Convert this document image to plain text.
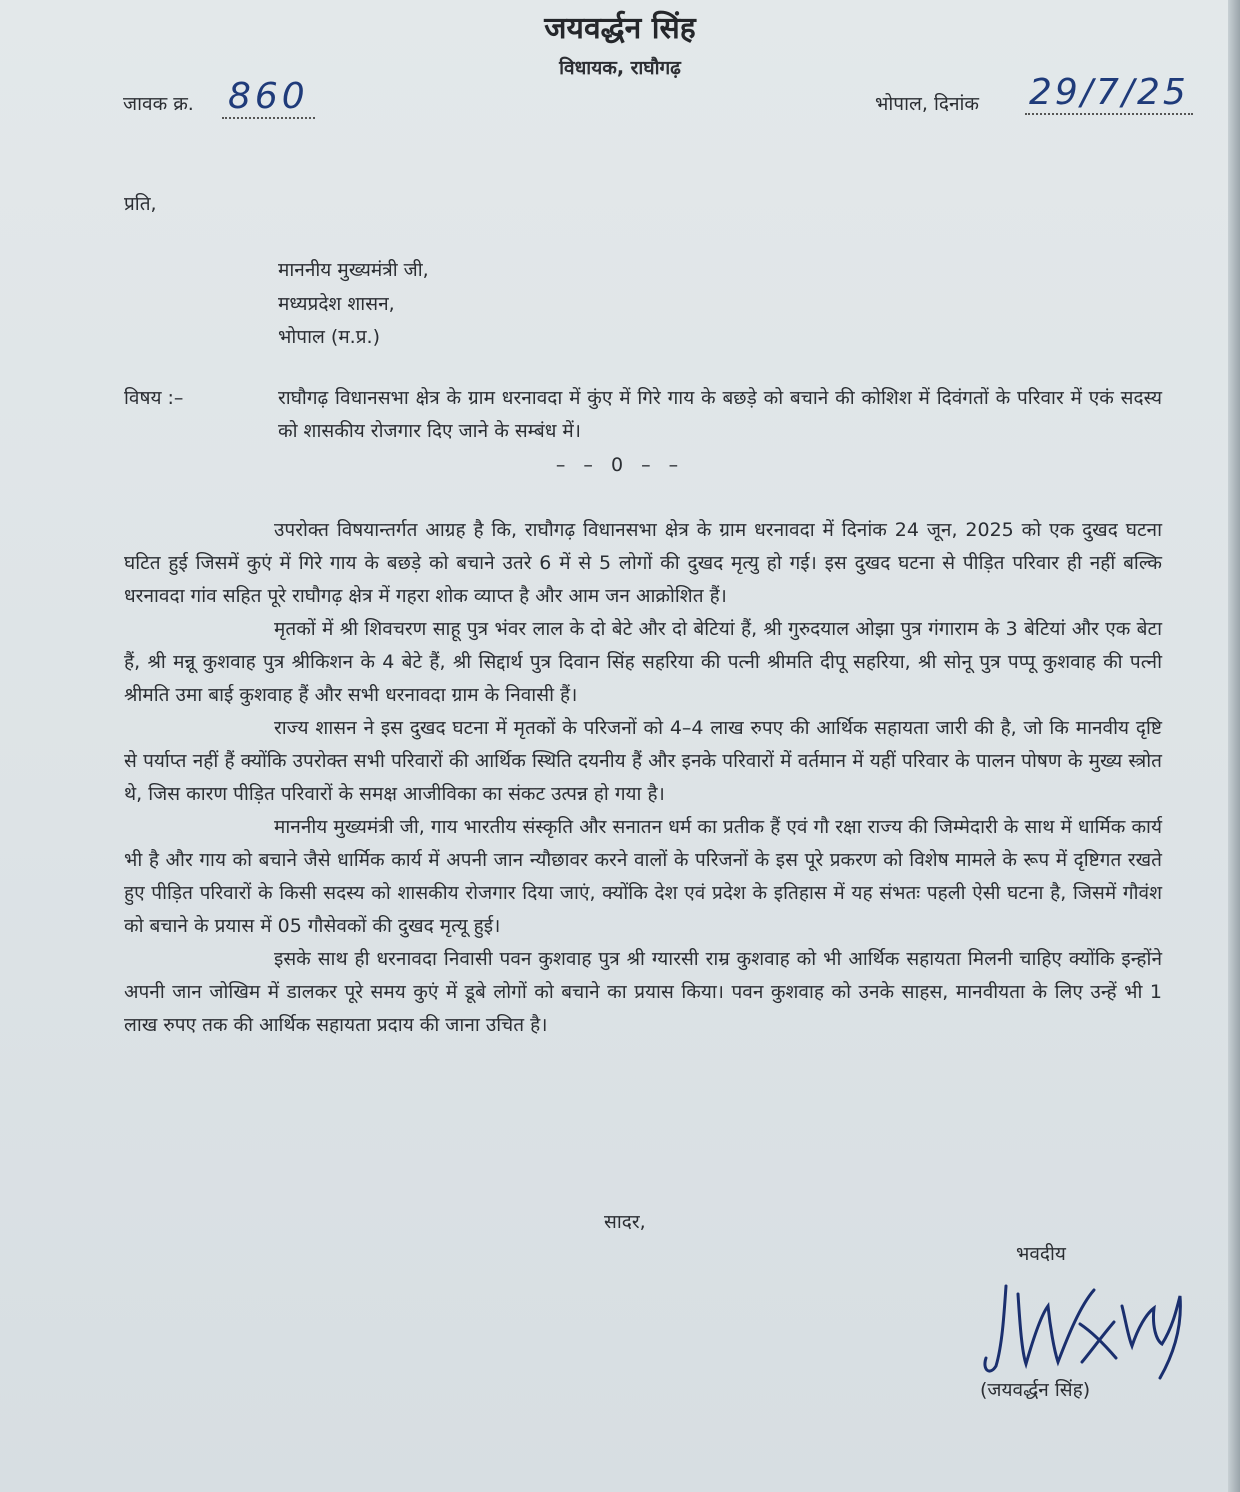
जयवर्द्धन सिंह
विधायक, राघौगढ़
जावक क्र. 860	भोपाल, दिनांक 29/7/25
प्रति,
माननीय मुख्यमंत्री जी,
मध्यप्रदेश शासन,
भोपाल (म.प्र.)
विषय :–	राघौगढ़ विधानसभा क्षेत्र के ग्राम धरनावदा में कुंए में गिरे गाय के बछड़े को बचाने की कोशिश में दिवंगतों के परिवार में एकं सदस्य को शासकीय रोजगार दिए जाने के सम्बंध में।
– – 0 – –

उपरोक्त विषयान्तर्गत आग्रह है कि, राघौगढ़ विधानसभा क्षेत्र के ग्राम धरनावदा में दिनांक 24 जून, 2025 को एक दुखद घटना घटित हुई जिसमें कुएं में गिरे गाय के बछड़े को बचाने उतरे 6 में से 5 लोगों की दुखद मृत्यु हो गई। इस दुखद घटना से पीड़ित परिवार ही नहीं बल्कि धरनावदा गांव सहित पूरे राघौगढ़ क्षेत्र में गहरा शोक व्याप्त है और आम जन आक्रोशित हैं।

मृतकों में श्री शिवचरण साहू पुत्र भंवर लाल के दो बेटे और दो बेटियां हैं, श्री गुरुदयाल ओझा पुत्र गंगाराम के 3 बेटियां और एक बेटा हैं, श्री मन्नू कुशवाह पुत्र श्रीकिशन के 4 बेटे हैं, श्री सिद्दार्थ पुत्र दिवान सिंह सहरिया की पत्नी श्रीमति दीपू सहरिया, श्री सोनू पुत्र पप्पू कुशवाह की पत्नी श्रीमति उमा बाई कुशवाह हैं और सभी धरनावदा ग्राम के निवासी हैं।

राज्य शासन ने इस दुखद घटना में मृतकों के परिजनों को 4–4 लाख रुपए की आर्थिक सहायता जारी की है, जो कि मानवीय दृष्टि से पर्याप्त नहीं हैं क्योंकि उपरोक्त सभी परिवारों की आर्थिक स्थिति दयनीय हैं और इनके परिवारों में वर्तमान में यहीं परिवार के पालन पोषण के मुख्य स्त्रोत थे, जिस कारण पीड़ित परिवारों के समक्ष आजीविका का संकट उत्पन्न हो गया है।

माननीय मुख्यमंत्री जी, गाय भारतीय संस्कृति और सनातन धर्म का प्रतीक हैं एवं गौ रक्षा राज्य की जिम्मेदारी के साथ में धार्मिक कार्य भी है और गाय को बचाने जैसे धार्मिक कार्य में अपनी जान न्यौछावर करने वालों के परिजनों के इस पूरे प्रकरण को विशेष मामले के रूप में दृष्टिगत रखते हुए पीड़ित परिवारों के किसी सदस्य को शासकीय रोजगार दिया जाएं, क्योंकि देश एवं प्रदेश के इतिहास में यह संभतः पहली ऐसी घटना है, जिसमें गौवंश को बचाने के प्रयास में 05 गौसेवकों की दुखद मृत्यू हुई।

इसके साथ ही धरनावदा निवासी पवन कुशवाह पुत्र श्री ग्यारसी राम्र कुशवाह को भी आर्थिक सहायता मिलनी चाहिए क्योंकि इन्होंने अपनी जान जोखिम में डालकर पूरे समय कुएं में डूबे लोगों को बचाने का प्रयास किया। पवन कुशवाह को उनके साहस, मानवीयता के लिए उन्हें भी 1 लाख रुपए तक की आर्थिक सहायता प्रदाय की जाना उचित है।

सादर,
भवदीय
(जयवर्द्धन सिंह)
